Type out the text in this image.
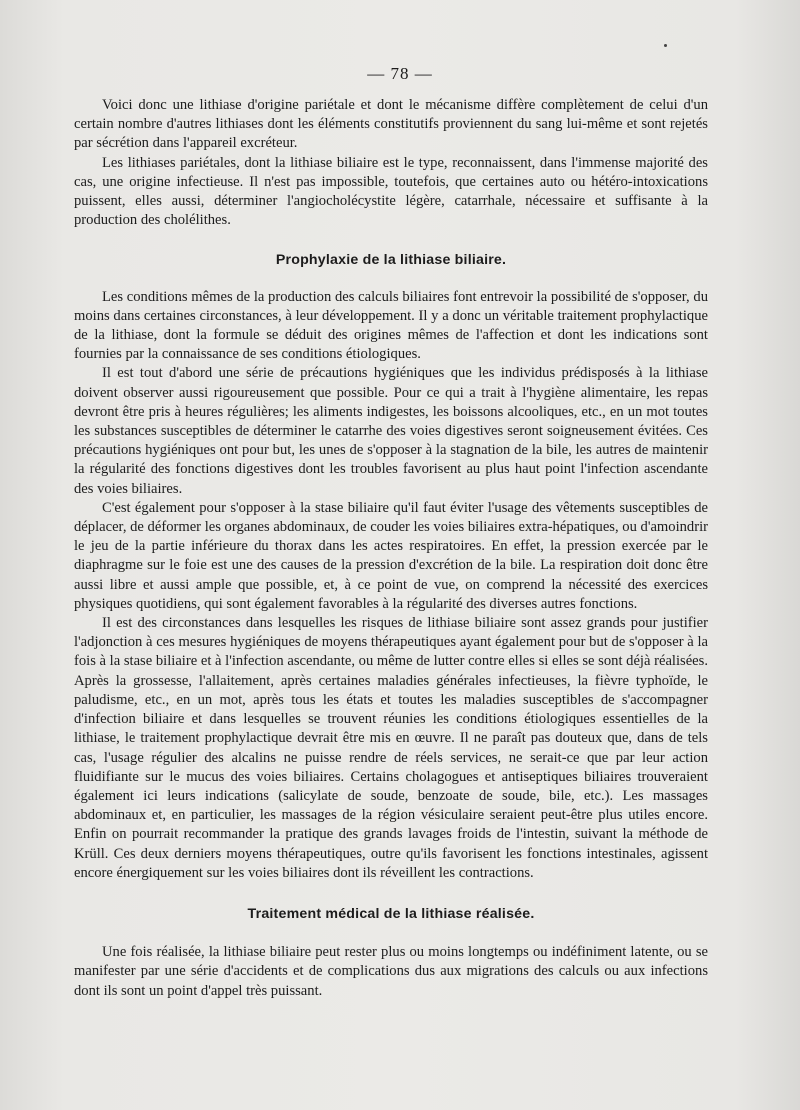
— 78 —

Voici donc une lithiase d'origine pariétale et dont le mécanisme diffère complètement de celui d'un certain nombre d'autres lithiases dont les éléments constitutifs proviennent du sang lui-même et sont rejetés par sécrétion dans l'appareil excréteur.

Les lithiases pariétales, dont la lithiase biliaire est le type, reconnaissent, dans l'immense majorité des cas, une origine infectieuse. Il n'est pas impossible, toutefois, que certaines auto ou hétéro-intoxications puissent, elles aussi, déterminer l'angiocholécystite légère, catarrhale, nécessaire et suffisante à la production des cholélithes.

Prophylaxie de la lithiase biliaire.

Les conditions mêmes de la production des calculs biliaires font entrevoir la possibilité de s'opposer, du moins dans certaines circonstances, à leur développement. Il y a donc un véritable traitement prophylactique de la lithiase, dont la formule se déduit des origines mêmes de l'affection et dont les indications sont fournies par la connaissance de ses conditions étiologiques.

Il est tout d'abord une série de précautions hygiéniques que les individus prédisposés à la lithiase doivent observer aussi rigoureusement que possible. Pour ce qui a trait à l'hygiène alimentaire, les repas devront être pris à heures régulières; les aliments indigestes, les boissons alcooliques, etc., en un mot toutes les substances susceptibles de déterminer le catarrhe des voies digestives seront soigneusement évitées. Ces précautions hygiéniques ont pour but, les unes de s'opposer à la stagnation de la bile, les autres de maintenir la régularité des fonctions digestives dont les troubles favorisent au plus haut point l'infection ascendante des voies biliaires.

C'est également pour s'opposer à la stase biliaire qu'il faut éviter l'usage des vêtements susceptibles de déplacer, de déformer les organes abdominaux, de couder les voies biliaires extra-hépatiques, ou d'amoindrir le jeu de la partie inférieure du thorax dans les actes respiratoires. En effet, la pression exercée par le diaphragme sur le foie est une des causes de la pression d'excrétion de la bile. La respiration doit donc être aussi libre et aussi ample que possible, et, à ce point de vue, on comprend la nécessité des exercices physiques quotidiens, qui sont également favorables à la régularité des diverses autres fonctions.

Il est des circonstances dans lesquelles les risques de lithiase biliaire sont assez grands pour justifier l'adjonction à ces mesures hygiéniques de moyens thérapeutiques ayant également pour but de s'opposer à la fois à la stase biliaire et à l'infection ascendante, ou même de lutter contre elles si elles se sont déjà réalisées. Après la grossesse, l'allaitement, après certaines maladies générales infectieuses, la fièvre typhoïde, le paludisme, etc., en un mot, après tous les états et toutes les maladies susceptibles de s'accompagner d'infection biliaire et dans lesquelles se trouvent réunies les conditions étiologiques essentielles de la lithiase, le traitement prophylactique devrait être mis en œuvre. Il ne paraît pas douteux que, dans de tels cas, l'usage régulier des alcalins ne puisse rendre de réels services, ne serait-ce que par leur action fluidifiante sur le mucus des voies biliaires. Certains cholagogues et antiseptiques biliaires trouveraient également ici leurs indications (salicylate de soude, benzoate de soude, bile, etc.). Les massages abdominaux et, en particulier, les massages de la région vésiculaire seraient peut-être plus utiles encore. Enfin on pourrait recommander la pratique des grands lavages froids de l'intestin, suivant la méthode de Krüll. Ces deux derniers moyens thérapeutiques, outre qu'ils favorisent les fonctions intestinales, agissent encore énergiquement sur les voies biliaires dont ils réveillent les contractions.

Traitement médical de la lithiase réalisée.

Une fois réalisée, la lithiase biliaire peut rester plus ou moins longtemps ou indéfiniment latente, ou se manifester par une série d'accidents et de complications dus aux migrations des calculs ou aux infections dont ils sont un point d'appel très puissant.
